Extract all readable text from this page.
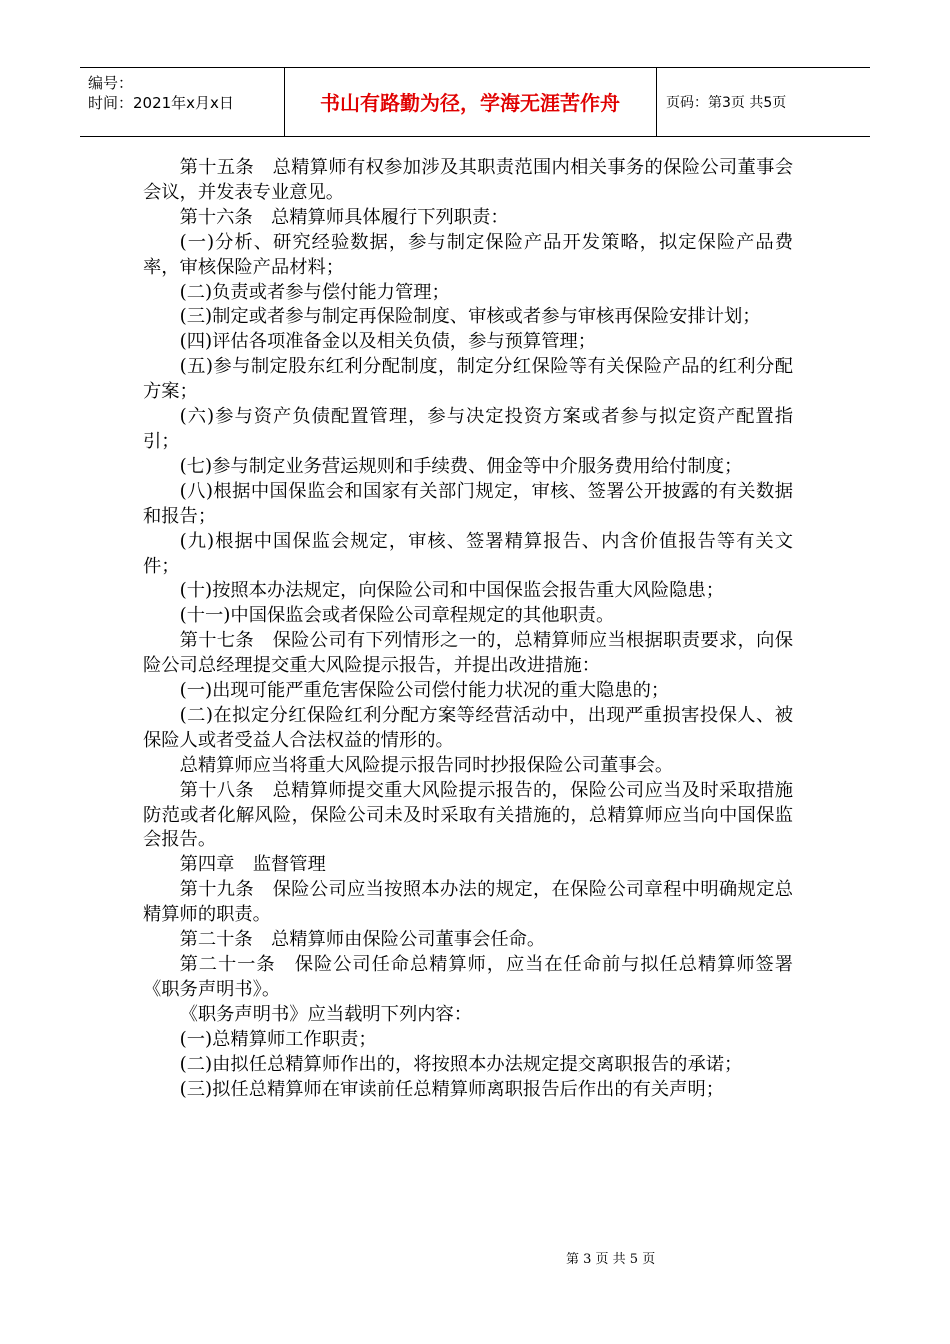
编号：
时间：2021年x月x日	书山有路勤为径，学海无涯苦作舟	页码：第3页 共5页

第十五条　总精算师有权参加涉及其职责范围内相关事务的保险公司董事会会议，并发表专业意见。

第十六条　总精算师具体履行下列职责：

(一)分析、研究经验数据，参与制定保险产品开发策略，拟定保险产品费率，审核保险产品材料；

(二)负责或者参与偿付能力管理；

(三)制定或者参与制定再保险制度、审核或者参与审核再保险安排计划；

(四)评估各项准备金以及相关负债，参与预算管理；

(五)参与制定股东红利分配制度，制定分红保险等有关保险产品的红利分配方案；

(六)参与资产负债配置管理，参与决定投资方案或者参与拟定资产配置指引；

(七)参与制定业务营运规则和手续费、佣金等中介服务费用给付制度；

(八)根据中国保监会和国家有关部门规定，审核、签署公开披露的有关数据和报告；

(九)根据中国保监会规定，审核、签署精算报告、内含价值报告等有关文件；

(十)按照本办法规定，向保险公司和中国保监会报告重大风险隐患；

(十一)中国保监会或者保险公司章程规定的其他职责。

第十七条　保险公司有下列情形之一的，总精算师应当根据职责要求，向保险公司总经理提交重大风险提示报告，并提出改进措施：

(一)出现可能严重危害保险公司偿付能力状况的重大隐患的；

(二)在拟定分红保险红利分配方案等经营活动中，出现严重损害投保人、被保险人或者受益人合法权益的情形的。

总精算师应当将重大风险提示报告同时抄报保险公司董事会。

第十八条　总精算师提交重大风险提示报告的，保险公司应当及时采取措施防范或者化解风险，保险公司未及时采取有关措施的，总精算师应当向中国保监会报告。

第四章　监督管理

第十九条　保险公司应当按照本办法的规定，在保险公司章程中明确规定总精算师的职责。

第二十条　总精算师由保险公司董事会任命。

第二十一条　保险公司任命总精算师，应当在任命前与拟任总精算师签署《职务声明书》。

《职务声明书》应当载明下列内容：

(一)总精算师工作职责；

(二)由拟任总精算师作出的，将按照本办法规定提交离职报告的承诺；

(三)拟任总精算师在审读前任总精算师离职报告后作出的有关声明；

第 3 页 共 5 页
